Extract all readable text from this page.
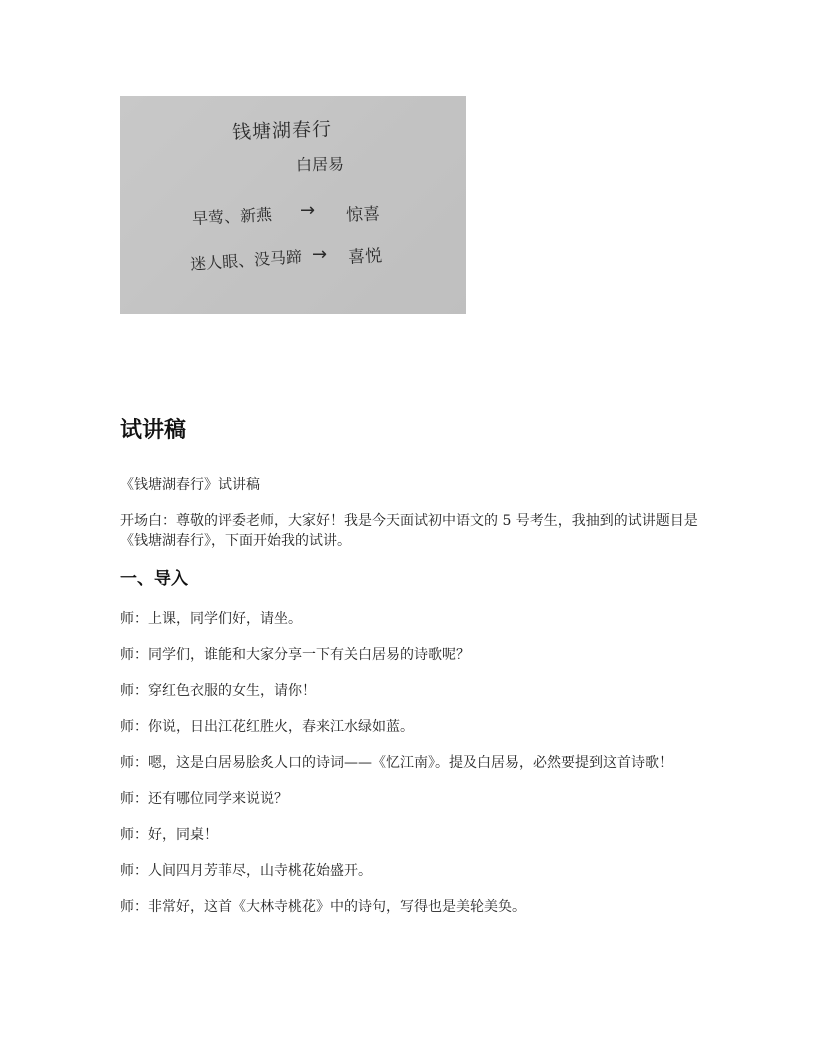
钱塘湖春行
白居易
早莺、新燕 → 惊喜
迷人眼、没马蹄 → 喜悦
试讲稿

《钱塘湖春行》试讲稿

开场白：尊敬的评委老师，大家好！我是今天面试初中语文的 5 号考生，我抽到的试讲题目是《钱塘湖春行》，下面开始我的试讲。

一、导入

师：上课，同学们好，请坐。

师：同学们，谁能和大家分享一下有关白居易的诗歌呢？

师：穿红色衣服的女生，请你！

师：你说，日出江花红胜火，春来江水绿如蓝。

师：嗯，这是白居易脍炙人口的诗词——《忆江南》。提及白居易，必然要提到这首诗歌！

师：还有哪位同学来说说？

师：好，同桌！

师：人间四月芳菲尽，山寺桃花始盛开。

师：非常好，这首《大林寺桃花》中的诗句，写得也是美轮美奂。
